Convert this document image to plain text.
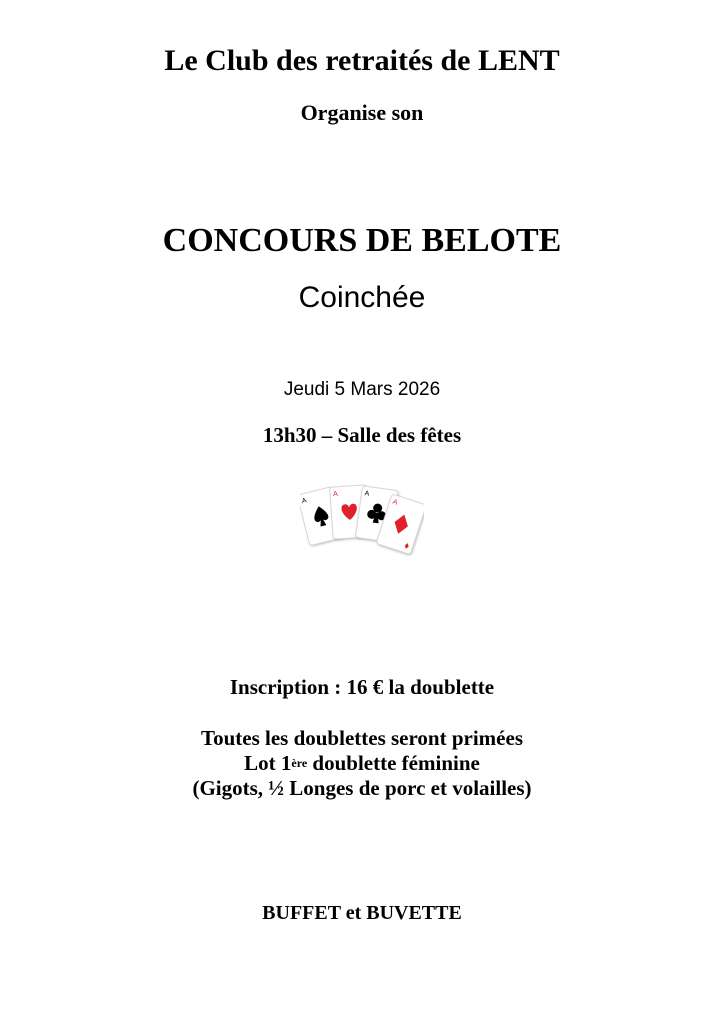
Le Club des retraités de LENT
Organise son
CONCOURS DE BELOTE
Coinchée
Jeudi 5 Mars 2026
13h30 – Salle des fêtes
A
A	A
A
Inscription : 16 € la doublette
Toutes les doublettes seront primées
Lot 1ère doublette féminine
(Gigots, ½ Longes de porc et volailles)
BUFFET et BUVETTE
